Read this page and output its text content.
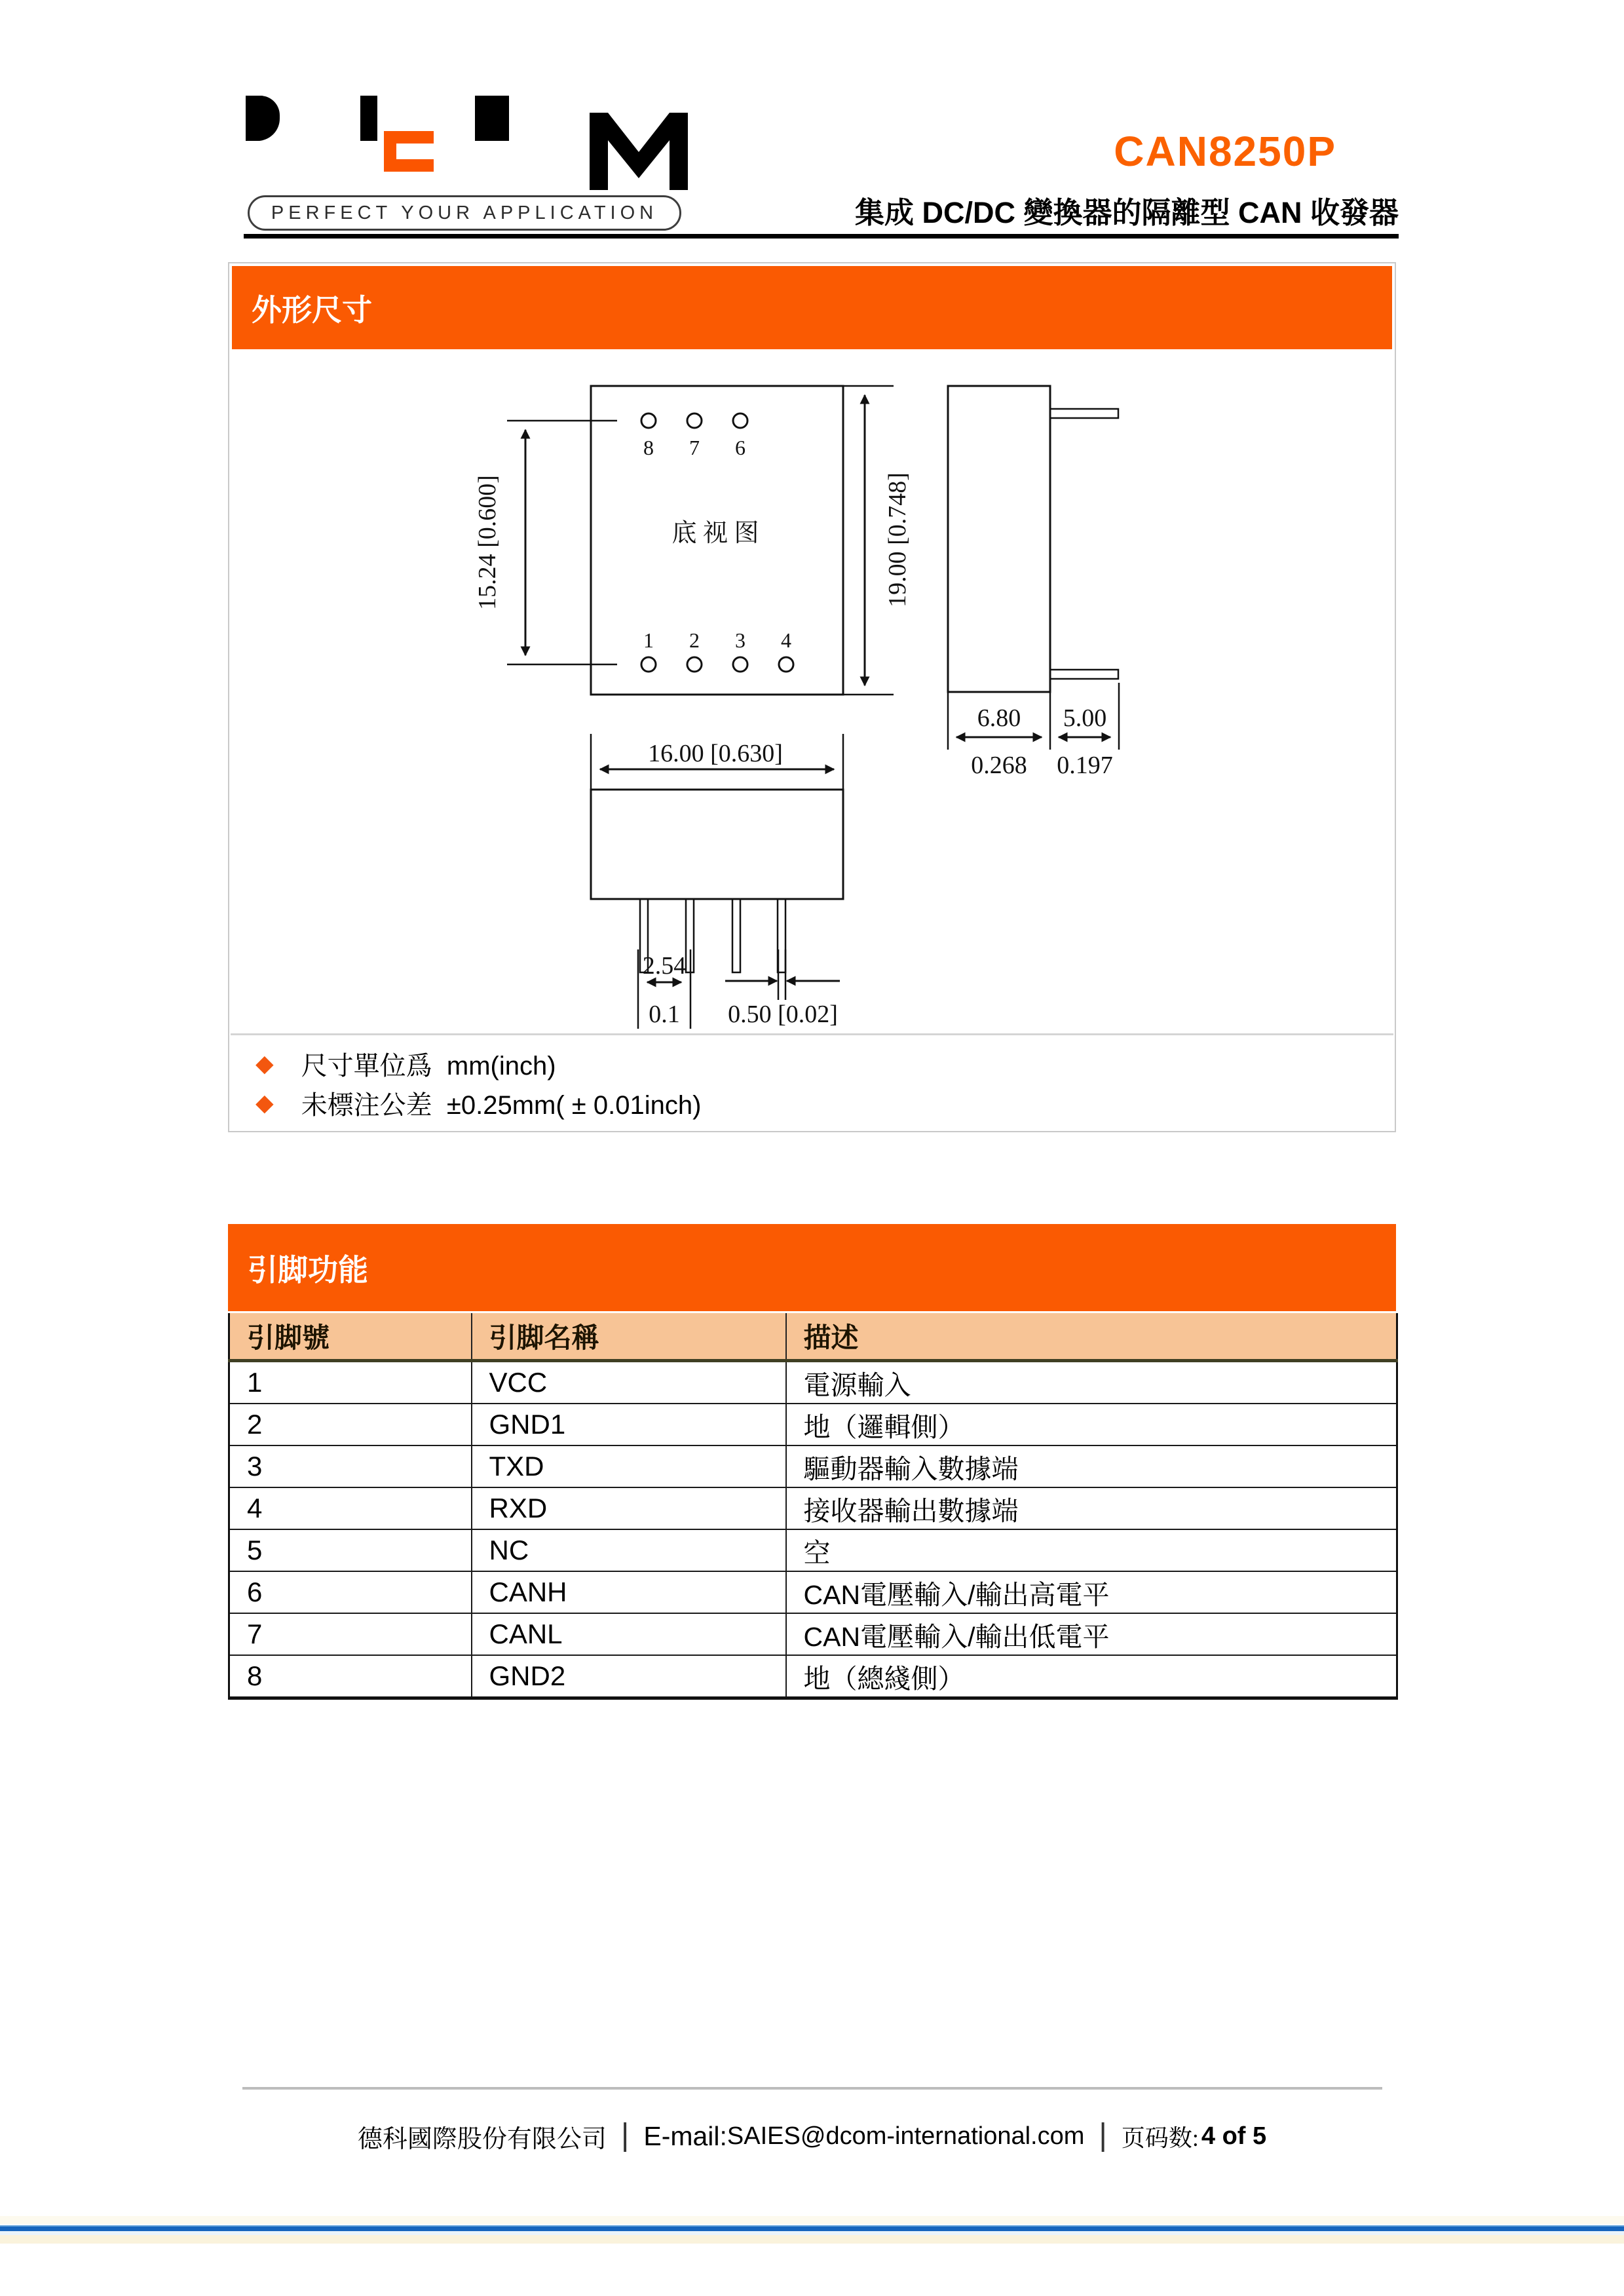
PERFECT YOUR APPLICATION
CAN8250P
集成 DC/DC 變換器的隔離型 CAN 收發器
8 7 6
1 2 3 4
底 视 图
15.24 [0.600]	19.00 [0.748]
6.80
0.268
5.00
0.197
16.00 [0.630]
2.54
0.1 0.50 [0.02]
外形尺寸
◆ 尺寸單位爲  mm(inch)
◆ 未標注公差  ±0.25mm( ± 0.01inch)
引脚功能
引脚號	引脚名稱	描述
1	VCC	電源輸入
2	GND1	地（邏輯側）
3	TXD	驅動器輸入數據端
4	RXD	接收器輸出數據端
5	NC	空
6	CANH	CAN電壓輸入/輸出高電平
7	CANL	CAN電壓輸入/輸出低電平
8	GND2	地（總綫側）
德科國際股份有限公司 | E-mail: SAIES@dcom-international.com | 页码数: 4 of 5
